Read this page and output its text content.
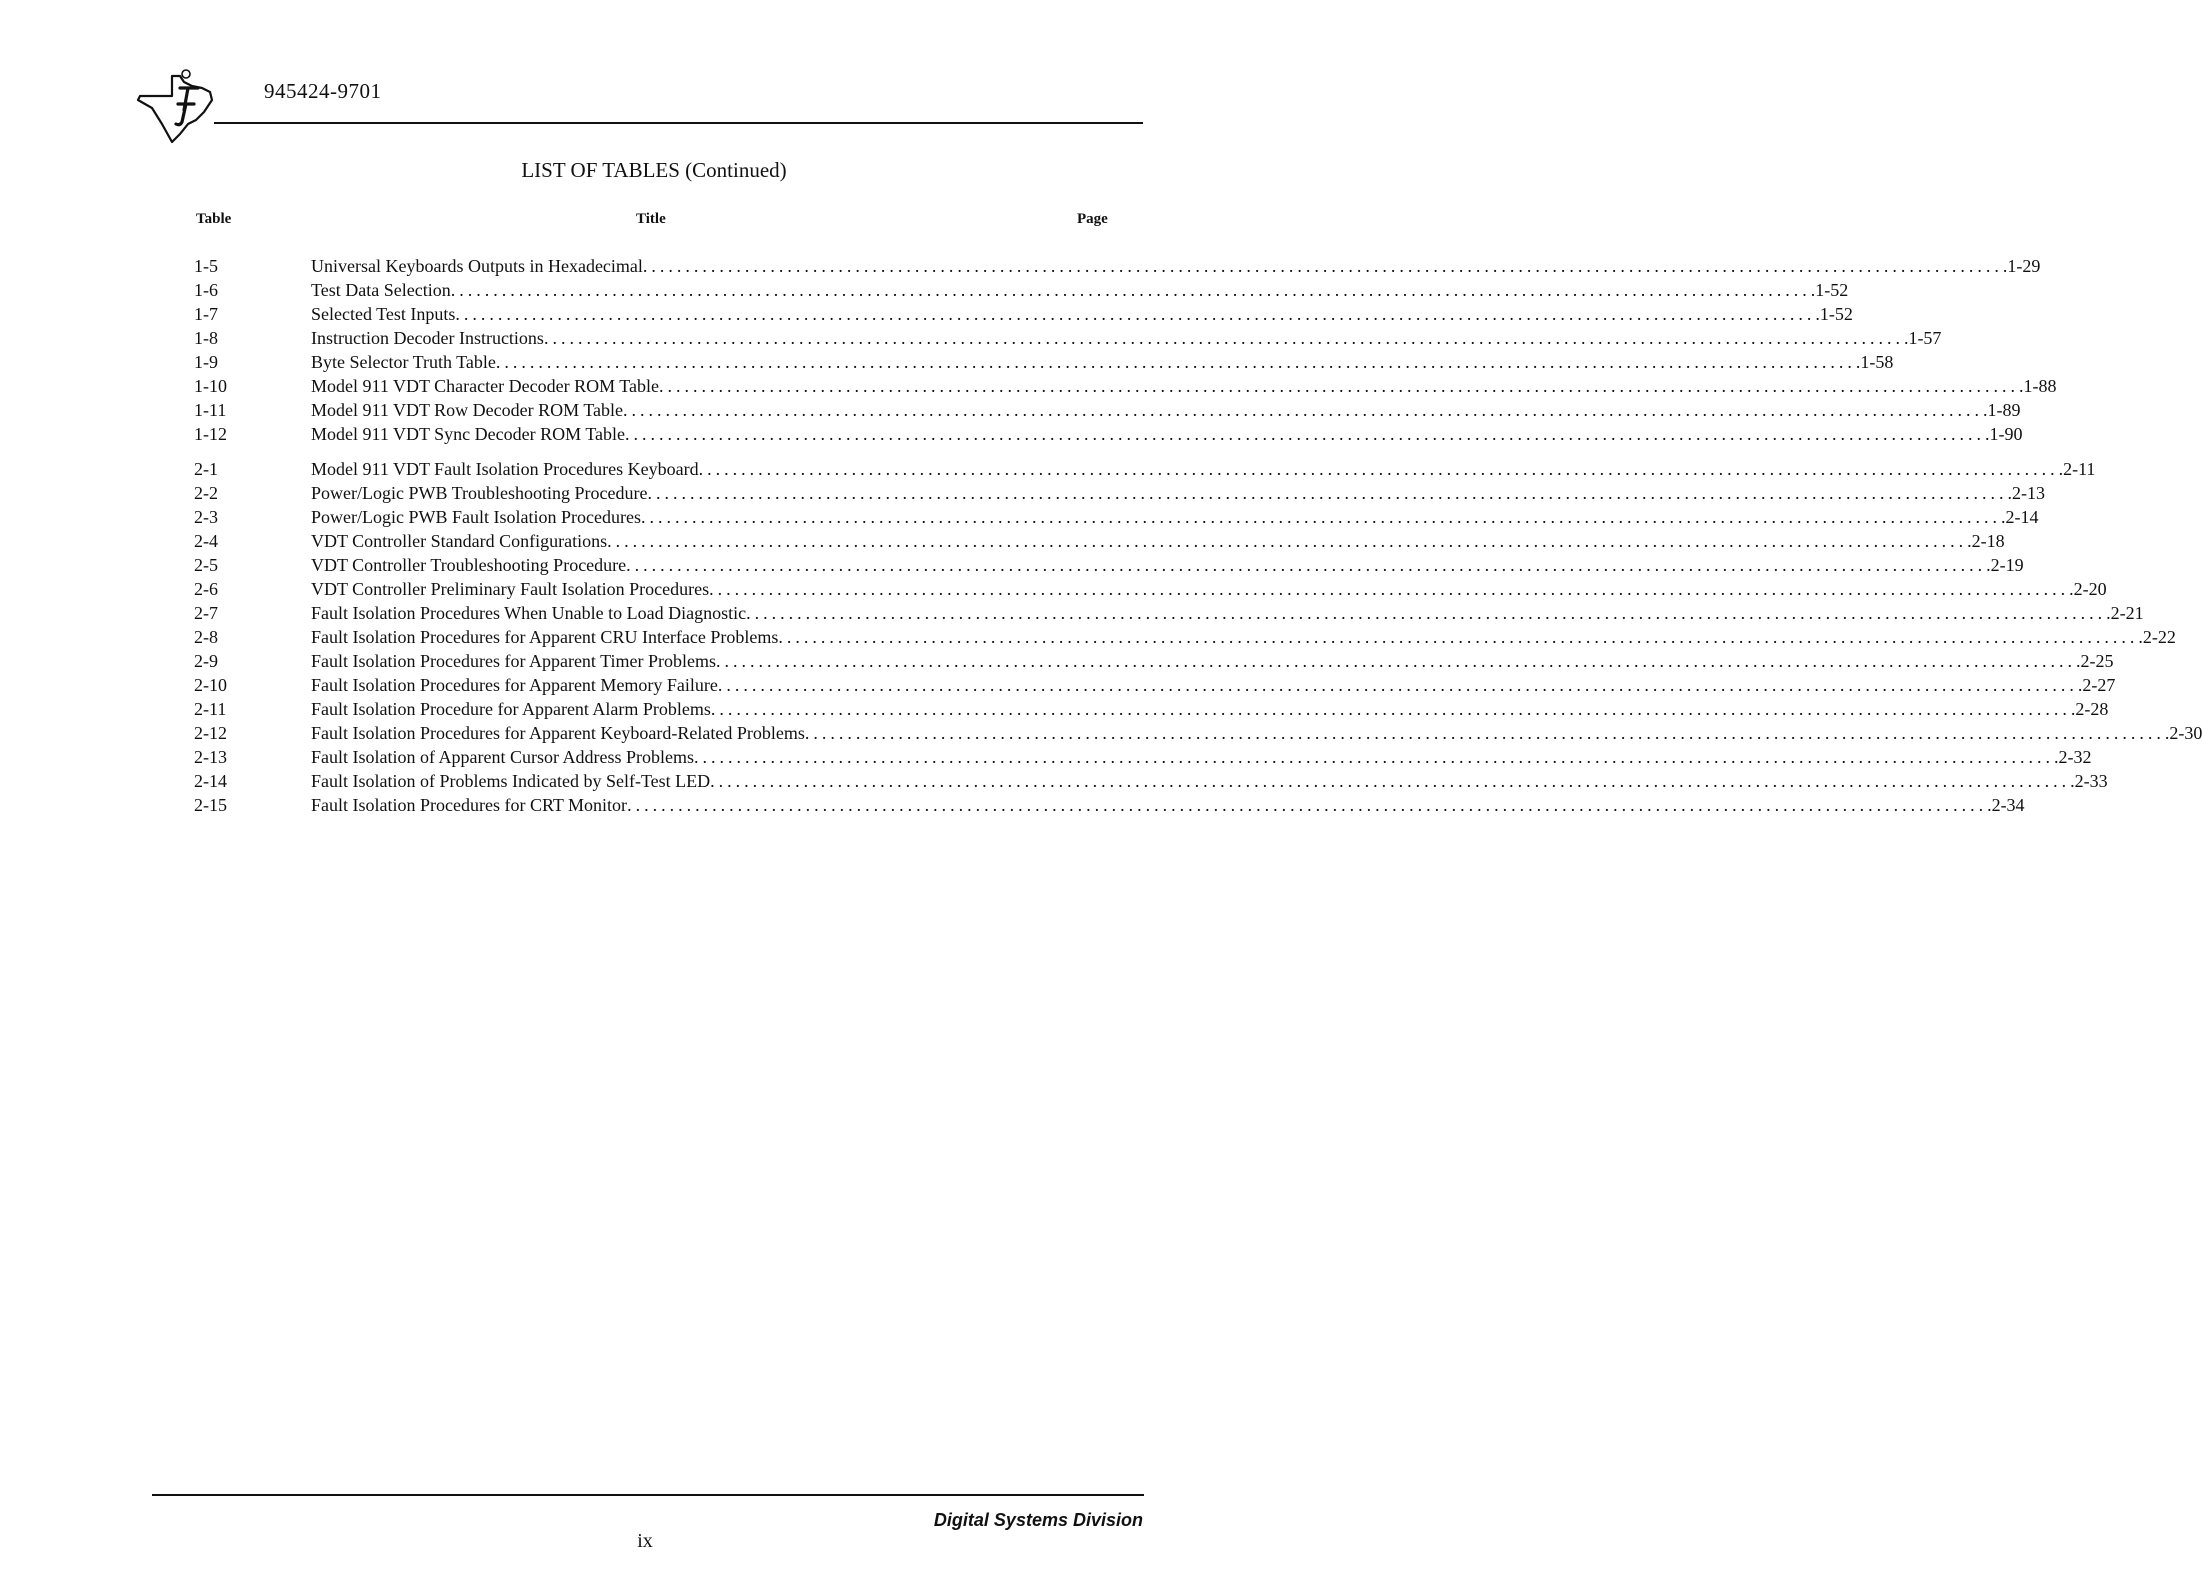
945424-9701
LIST OF TABLES (Continued)
Table	Title	Page
1-5	Universal Keyboards Outputs in Hexadecimal ................................................................................................................................................................ .1-29
1-6	Test Data Selection ................................................................................................................................................................ .1-52
1-7	Selected Test Inputs ................................................................................................................................................................ .1-52
1-8	Instruction Decoder Instructions ................................................................................................................................................................ .1-57
1-9	Byte Selector Truth Table ................................................................................................................................................................ .1-58
1-10	Model 911 VDT Character Decoder ROM Table ................................................................................................................................................................ .1-88
1-11	Model 911 VDT Row Decoder ROM Table ................................................................................................................................................................ .1-89
1-12	Model 911 VDT Sync Decoder ROM Table ................................................................................................................................................................ .1-90
2-1	Model 911 VDT Fault Isolation Procedures Keyboard ................................................................................................................................................................ .2-11
2-2	Power/Logic PWB Troubleshooting Procedure ................................................................................................................................................................ .2-13
2-3	Power/Logic PWB Fault Isolation Procedures ................................................................................................................................................................ .2-14
2-4	VDT Controller Standard Configurations ................................................................................................................................................................ .2-18
2-5	VDT Controller Troubleshooting Procedure ................................................................................................................................................................ .2-19
2-6	VDT Controller Preliminary Fault Isolation Procedures ................................................................................................................................................................ .2-20
2-7	Fault Isolation Procedures When Unable to Load Diagnostic ................................................................................................................................................................ .2-21
2-8	Fault Isolation Procedures for Apparent CRU Interface Problems ................................................................................................................................................................ .2-22
2-9	Fault Isolation Procedures for Apparent Timer Problems ................................................................................................................................................................ .2-25
2-10	Fault Isolation Procedures for Apparent Memory Failure ................................................................................................................................................................ .2-27
2-11	Fault Isolation Procedure for Apparent Alarm Problems ................................................................................................................................................................ .2-28
2-12	Fault Isolation Procedures for Apparent Keyboard-Related Problems ................................................................................................................................................................ .2-30
2-13	Fault Isolation of Apparent Cursor Address Problems ................................................................................................................................................................ .2-32
2-14	Fault Isolation of Problems Indicated by Self-Test LED ................................................................................................................................................................ .2-33
2-15	Fault Isolation Procedures for CRT Monitor ................................................................................................................................................................ .2-34
ix
Digital Systems Division
